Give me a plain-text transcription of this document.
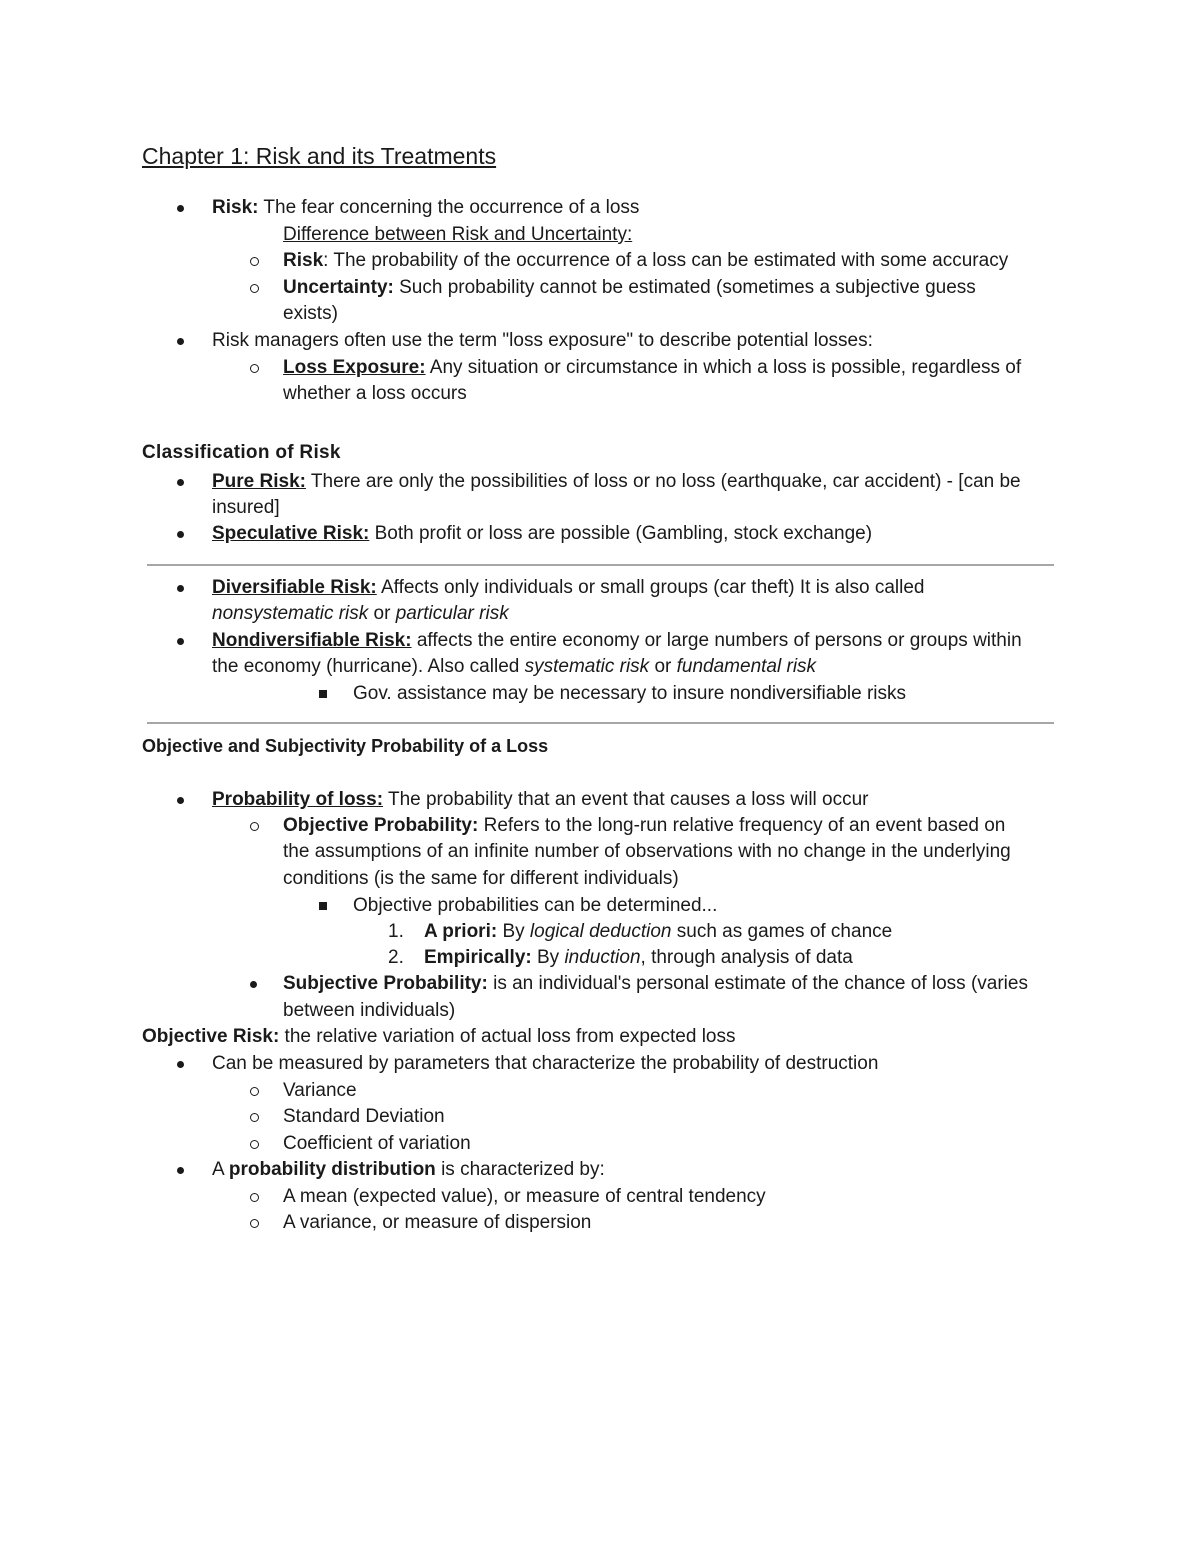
Chapter 1: Risk and its Treatments
Risk: The fear concerning the occurrence of a loss
Difference between Risk and Uncertainty:
Risk: The probability of the occurrence of a loss can be estimated with some accuracy
Uncertainty: Such probability cannot be estimated (sometimes a subjective guess
exists)
Risk managers often use the term "loss exposure" to describe potential losses:
Loss Exposure: Any situation or circumstance in which a loss is possible, regardless of
whether a loss occurs
Classification of Risk
Pure Risk: There are only the possibilities of loss or no loss (earthquake, car accident) - [can be
insured]
Speculative Risk: Both profit or loss are possible (Gambling, stock exchange)
Diversifiable Risk: Affects only individuals or small groups (car theft) It is also called
nonsystematic risk or particular risk
Nondiversifiable Risk: affects the entire economy or large numbers of persons or groups within
the economy (hurricane). Also called systematic risk or fundamental risk
Gov. assistance may be necessary to insure nondiversifiable risks
Objective and Subjectivity Probability of a Loss
Probability of loss: The probability that an event that causes a loss will occur
Objective Probability: Refers to the long-run relative frequency of an event based on
the assumptions of an infinite number of observations with no change in the underlying
conditions (is the same for different individuals)
Objective probabilities can be determined...
1. A priori: By logical deduction such as games of chance
2. Empirically: By induction, through analysis of data
Subjective Probability: is an individual's personal estimate of the chance of loss (varies
between individuals)
Objective Risk: the relative variation of actual loss from expected loss
Can be measured by parameters that characterize the probability of destruction
Variance
Standard Deviation
Coefficient of variation
A probability distribution is characterized by:
A mean (expected value), or measure of central tendency
A variance, or measure of dispersion
